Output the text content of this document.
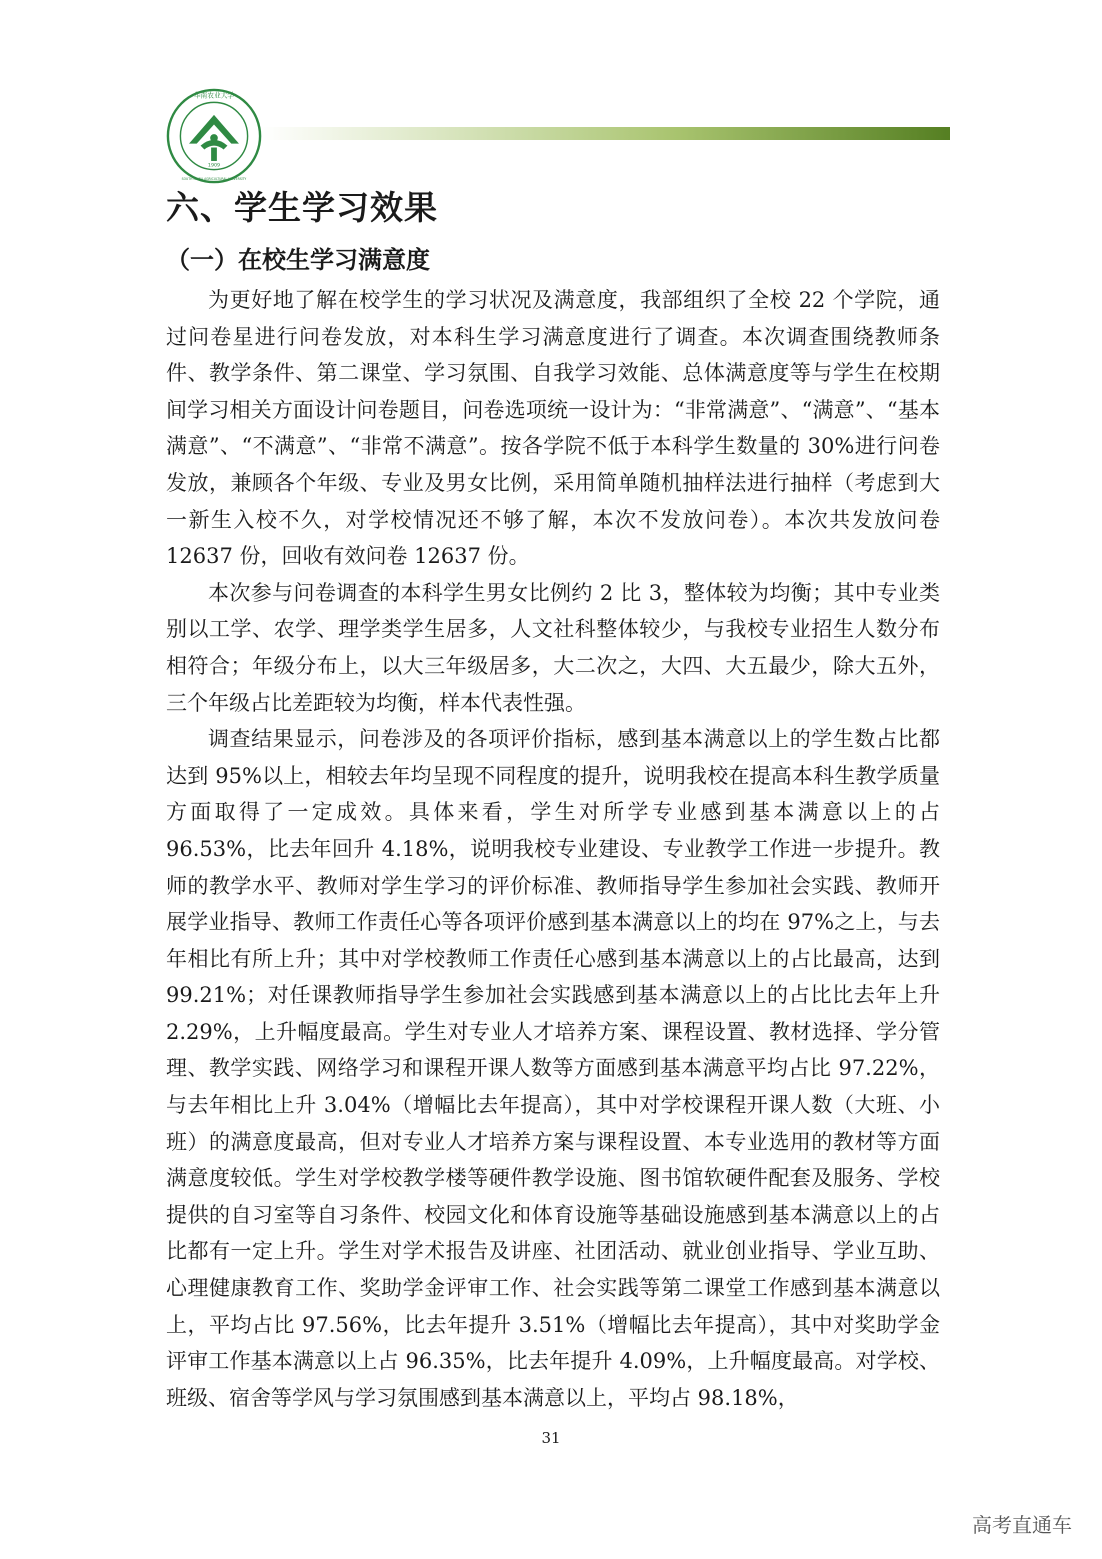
1909
华南农业大学
SOUTH CHINA AGRICULTURAL UNIVERSITY
六、学生学习效果
（一）在校生学习满意度

为更好地了解在校学生的学习状况及满意度，我部组织了全校 22 个学院，通过问卷星进行问卷发放，对本科生学习满意度进行了调查。本次调查围绕教师条件、教学条件、第二课堂、学习氛围、自我学习效能、总体满意度等与学生在校期间学习相关方面设计问卷题目，问卷选项统一设计为：“非常满意”、“满意”、“基本满意”、“不满意”、“非常不满意”。按各学院不低于本科学生数量的 30%进行问卷发放，兼顾各个年级、专业及男女比例，采用简单随机抽样法进行抽样（考虑到大一新生入校不久，对学校情况还不够了解，本次不发放问卷）。本次共发放问卷 12637 份，回收有效问卷 12637 份。

本次参与问卷调查的本科学生男女比例约 2 比 3，整体较为均衡；其中专业类别以工学、农学、理学类学生居多，人文社科整体较少，与我校专业招生人数分布相符合；年级分布上，以大三年级居多，大二次之，大四、大五最少，除大五外，三个年级占比差距较为均衡，样本代表性强。

调查结果显示，问卷涉及的各项评价指标，感到基本满意以上的学生数占比都达到 95%以上，相较去年均呈现不同程度的提升，说明我校在提高本科生教学质量方面取得了一定成效。具体来看，学生对所学专业感到基本满意以上的占 96.53%，比去年回升 4.18%，说明我校专业建设、专业教学工作进一步提升。教师的教学水平、教师对学生学习的评价标准、教师指导学生参加社会实践、教师开展学业指导、教师工作责任心等各项评价感到基本满意以上的均在 97%之上，与去年相比有所上升；其中对学校教师工作责任心感到基本满意以上的占比最高，达到 99.21%；对任课教师指导学生参加社会实践感到基本满意以上的占比比去年上升 2.29%，上升幅度最高。学生对专业人才培养方案、课程设置、教材选择、学分管理、教学实践、网络学习和课程开课人数等方面感到基本满意平均占比 97.22%，与去年相比上升 3.04%（增幅比去年提高），其中对学校课程开课人数（大班、小班）的满意度最高，但对专业人才培养方案与课程设置、本专业选用的教材等方面满意度较低。学生对学校教学楼等硬件教学设施、图书馆软硬件配套及服务、学校提供的自习室等自习条件、校园文化和体育设施等基础设施感到基本满意以上的占比都有一定上升。学生对学术报告及讲座、社团活动、就业创业指导、学业互助、心理健康教育工作、奖助学金评审工作、社会实践等第二课堂工作感到基本满意以上，平均占比 97.56%，比去年提升 3.51%（增幅比去年提高），其中对奖助学金评审工作基本满意以上占 96.35%，比去年提升 4.09%，上升幅度最高。对学校、班级、宿舍等学风与学习氛围感到基本满意以上，平均占 98.18%，

31
高考直通车
